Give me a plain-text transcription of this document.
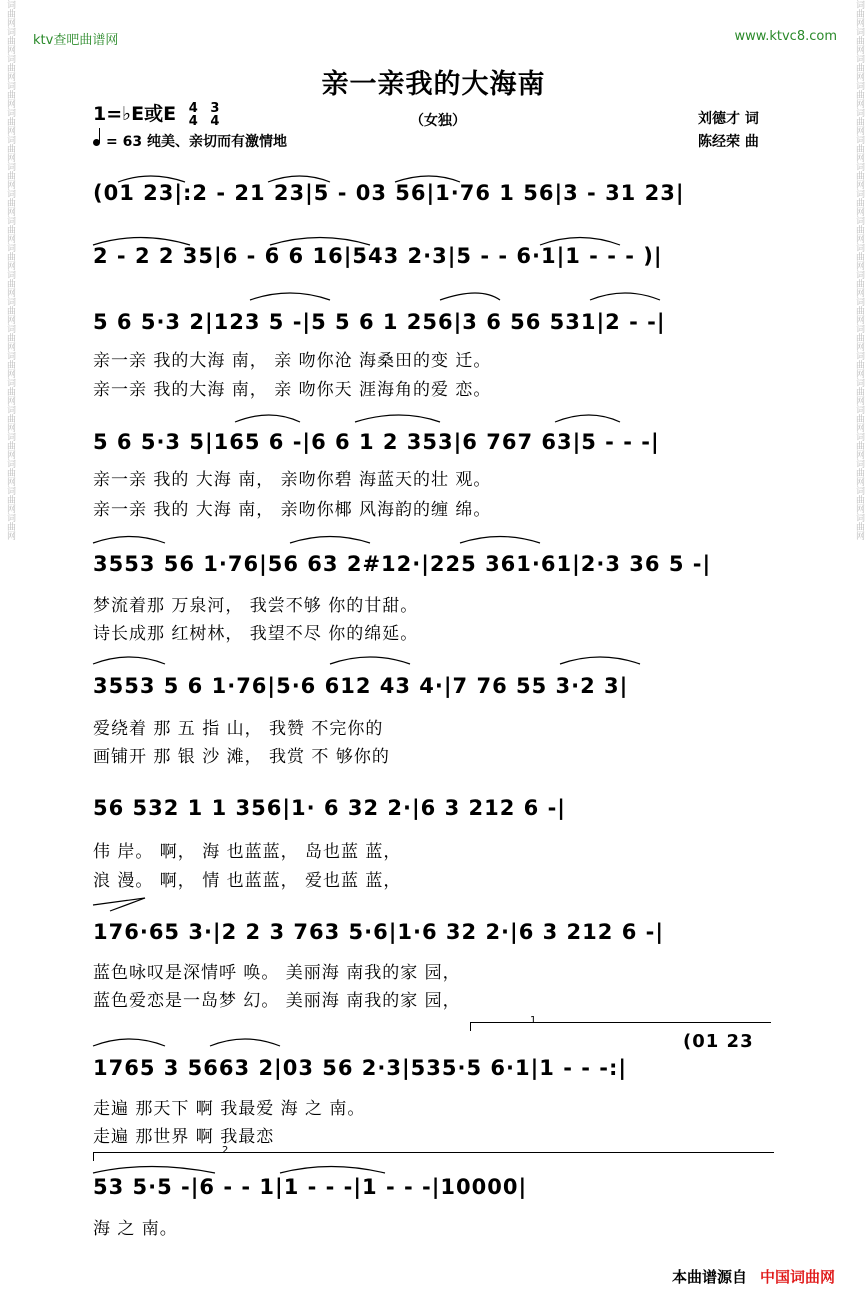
词曲网词曲网词曲网词曲网词曲网词曲网词曲网词曲网词曲网词曲网词曲网词曲网词曲网词曲网词曲网词曲网词曲网词曲网词曲网词曲网	词曲网词曲网词曲网词曲网词曲网词曲网词曲网词曲网词曲网词曲网词曲网词曲网词曲网词曲网词曲网词曲网词曲网词曲网词曲网词曲网
ktv查吧曲谱网	www.ktvc8.com
亲一亲我的大海南
1=♭E或E 4
4

3
4
= 63 纯美、亲切而有激情地
（女独）	刘德才 词
陈经荣 曲
(01 23|:2 - 21 23|5 - 03 56|1·76 1 56|3 - 31 23|
2 - 2 2 35|6 - 6 6 16|543 2·3|5 - - 6·1|1 - - - )|
5 6 5·3 2|123 5 -|5 5 6 1 256|3 6 56 531|2 - -|
亲一亲 我的大海 南， 亲 吻你沧 海桑田的变 迁。
亲一亲 我的大海 南， 亲 吻你天 涯海角的爱 恋。
5 6 5·3 5|165 6 -|6 6 1 2 353|6 767 63|5 - - -|
亲一亲 我的 大海 南， 亲吻你碧 海蓝天的壮 观。
亲一亲 我的 大海 南， 亲吻你椰 风海韵的缠 绵。
3553 56 1·76|56 63 2#12·|225 361·61|2·3 36 5 -|
梦流着那 万泉河， 我尝不够 你的甘甜。
诗长成那 红树林， 我望不尽 你的绵延。
3553 5 6 1·76|5·6 612 43 4·|7 76 55 3·2 3|
爱绕着 那 五 指 山， 我赞 不完你的
画铺开 那 银 沙 滩， 我赏 不 够你的
56 532 1 1 356|1· 6 32 2·|6 3 212 6 -|
伟 岸。 啊， 海 也蓝蓝， 岛也蓝 蓝，
浪 漫。 啊， 情 也蓝蓝， 爱也蓝 蓝，
176·65 3·|2 2 3 763 5·6|1·6 32 2·|6 3 212 6 -|
蓝色咏叹是深情呼 唤。 美丽海 南我的家 园，
蓝色爱恋是一岛梦 幻。 美丽海 南我的家 园，
1
(01 23
1765 3 5663 2|03 56 2·3|535·5 6·1|1 - - -:|
走遍 那天下 啊 我最爱 海 之 南。
走遍 那世界 啊 我最恋
2
53 5·5 -|6 - - 1|1 - - -|1 - - -|10000|
海 之 南。
本曲谱源自 中国词曲网
